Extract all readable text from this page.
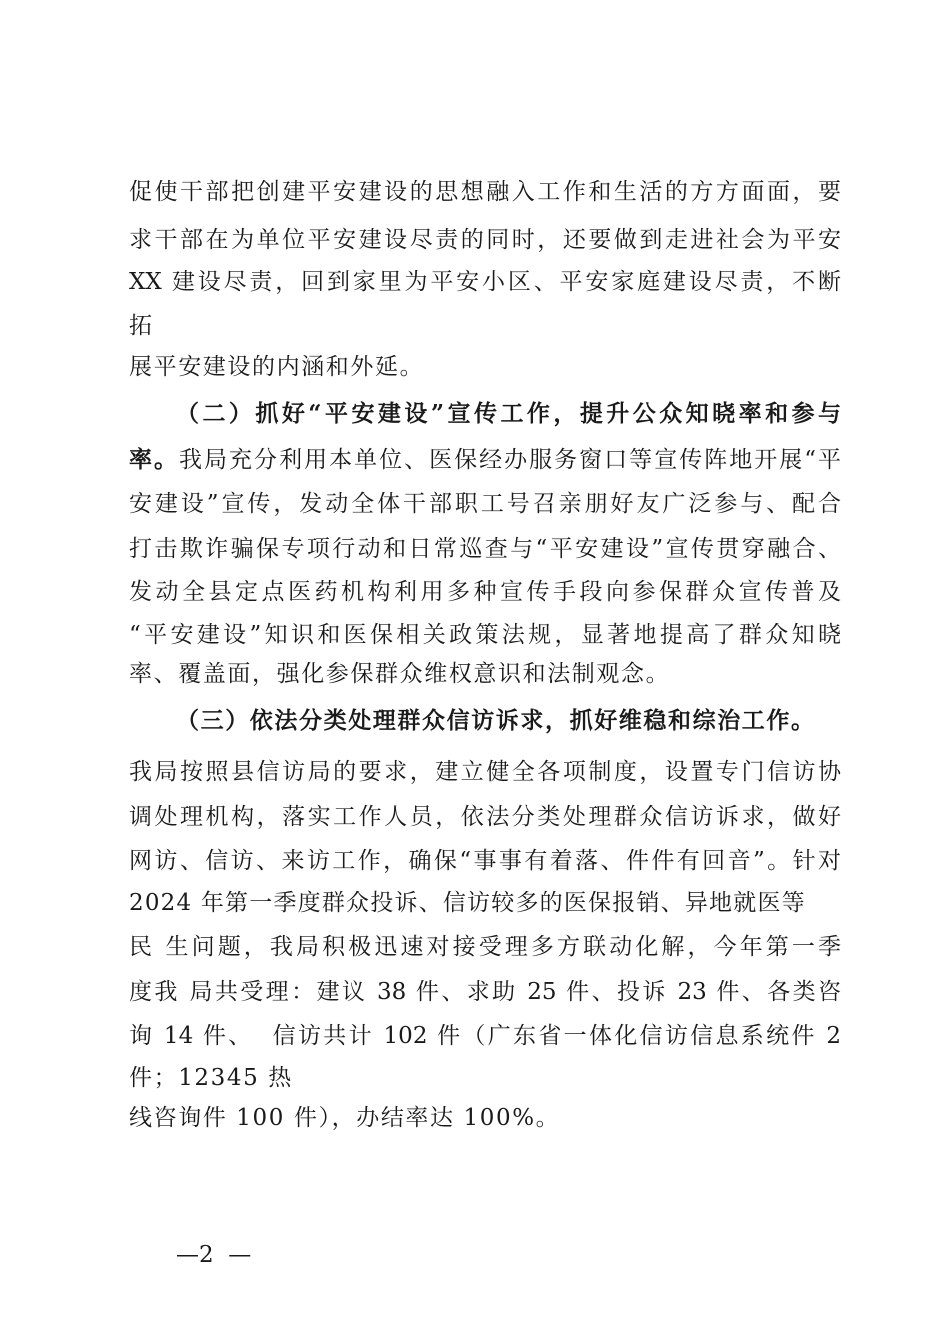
促使干部把创建平安建设的思想融入工作和生活的方方面面，要
求干部在为单位平安建设尽责的同时，还要做到走进社会为平安
XX 建设尽责，回到家里为平安小区、平安家庭建设尽责，不断
拓
展平安建设的内涵和外延。
（二）抓好“平安建设”宣传工作，提升公众知晓率和参与
率。我局充分利用本单位、医保经办服务窗口等宣传阵地开展“平
安建设”宣传，发动全体干部职工号召亲朋好友广泛参与、配合
打击欺诈骗保专项行动和日常巡查与“平安建设”宣传贯穿融合、
发动全县定点医药机构利用多种宣传手段向参保群众宣传普及
“平安建设”知识和医保相关政策法规，显著地提高了群众知晓
率、覆盖面，强化参保群众维权意识和法制观念。
（三）依法分类处理群众信访诉求，抓好维稳和综治工作。
我局按照县信访局的要求，建立健全各项制度，设置专门信访协
调处理机构，落实工作人员，依法分类处理群众信访诉求，做好
网访、信访、来访工作，确保“事事有着落、件件有回音”。针对
2024 年第一季度群众投诉、信访较多的医保报销、异地就医等
民 生问题，我局积极迅速对接受理多方联动化解，今年第一季
度我 局共受理：建议 38 件、求助 25 件、投诉 23 件、各类咨
询 14 件、  信访共计 102 件（广东省一体化信访信息系统件 2
件；12345 热
线咨询件 100 件），办结率达 100%。
—2  —
